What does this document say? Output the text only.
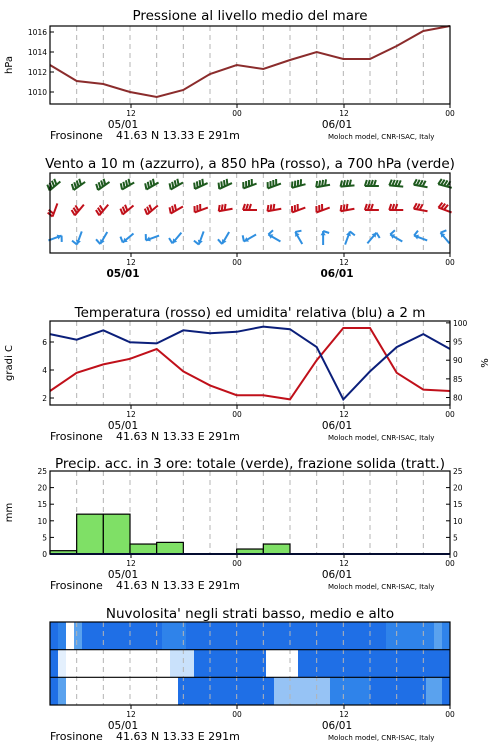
Pressione al livello medio del mare
1010
1012
1014
1016
12	00	12	00
05/01	06/01
Frosinone 41.63 N 13.33 E 291m	Moloch model, CNR-ISAC, Italy
hPa
Vento a 10 m (azzurro), a 850 hPa (rosso), a 700 hPa (verde)
12	00	12	00
05/01	06/01
Temperatura (rosso) ed umidita' relativa (blu) a 2 m
2
4
6
12	00	12	00
05/01	06/01
Frosinone 41.63 N 13.33 E 291m	Moloch model, CNR-ISAC, Italy
gradi C
80
85
90
95
100
%
Precip. acc. in 3 ore: totale (verde), frazione solida (tratt.)
0
5
10
15
20
25
12	00	12	00
05/01	06/01
Frosinone 41.63 N 13.33 E 291m	Moloch model, CNR-ISAC, Italy
mm
0
5
10
15
20
25
Nuvolosita' negli strati basso, medio e alto
12	00	12	00
05/01	06/01
Frosinone 41.63 N 13.33 E 291m	Moloch model, CNR-ISAC, Italy
